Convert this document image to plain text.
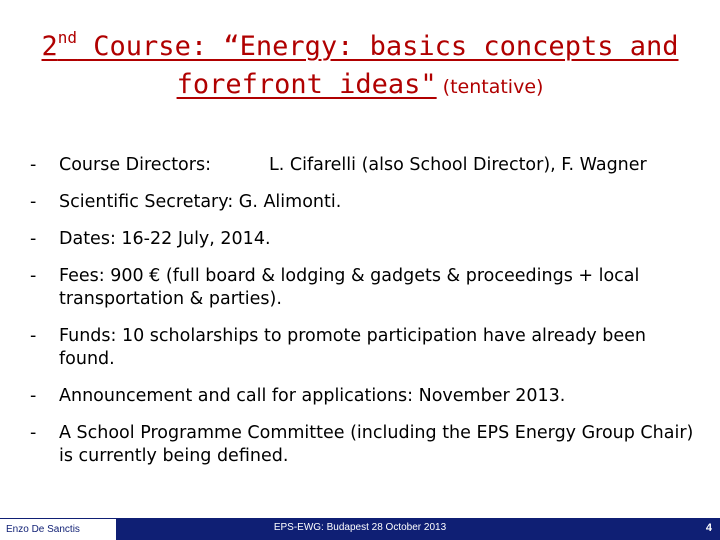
2nd Course: “Energy: basics concepts and
forefront ideas" (tentative)
- Course Directors:	L. Cifarelli (also School Director), F. Wagner
- Scientific Secretary: G. Alimonti.
- Dates: 16-22 July, 2014.
- Fees: 900 € (full board & lodging & gadgets & proceedings + local transportation & parties).
- Funds: 10 scholarships to promote participation have already been found.
- Announcement and call for applications: November 2013.
- A School Programme Committee (including the EPS Energy Group Chair) is currently being defined.
Enzo De Sanctis	EPS-EWG: Budapest 28 October 2013	4
